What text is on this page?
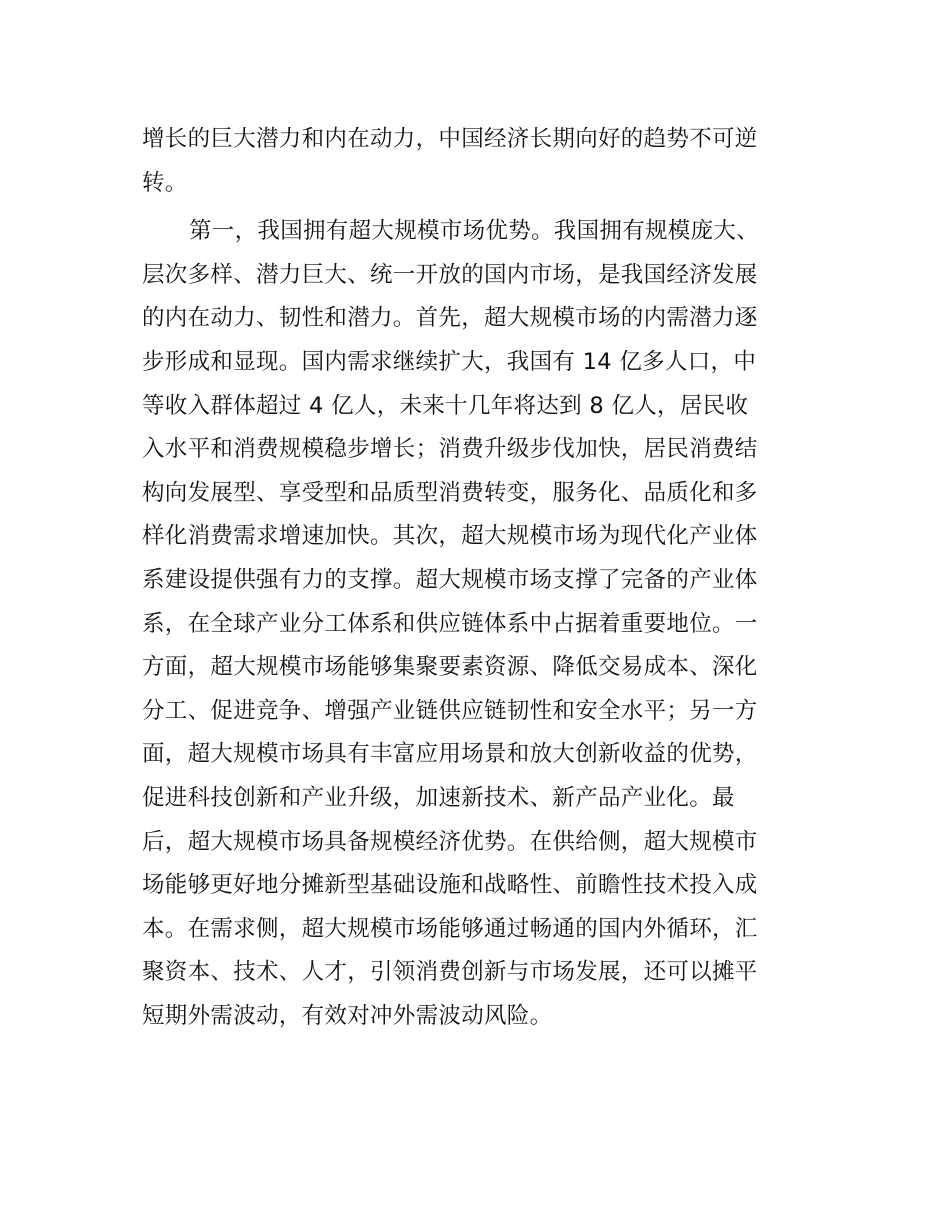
增长的巨大潜力和内在动力，中国经济长期向好的趋势不可逆
转。
第一，我国拥有超大规模市场优势。我国拥有规模庞大、
层次多样、潜力巨大、统一开放的国内市场，是我国经济发展
的内在动力、韧性和潜力。首先，超大规模市场的内需潜力逐
步形成和显现。国内需求继续扩大，我国有 14 亿多人口，中
等收入群体超过 4 亿人，未来十几年将达到 8 亿人，居民收
入水平和消费规模稳步增长；消费升级步伐加快，居民消费结
构向发展型、享受型和品质型消费转变，服务化、品质化和多
样化消费需求增速加快。其次，超大规模市场为现代化产业体
系建设提供强有力的支撑。超大规模市场支撑了完备的产业体
系，在全球产业分工体系和供应链体系中占据着重要地位。一
方面，超大规模市场能够集聚要素资源、降低交易成本、深化
分工、促进竞争、增强产业链供应链韧性和安全水平；另一方
面，超大规模市场具有丰富应用场景和放大创新收益的优势，
促进科技创新和产业升级，加速新技术、新产品产业化。最
后，超大规模市场具备规模经济优势。在供给侧，超大规模市
场能够更好地分摊新型基础设施和战略性、前瞻性技术投入成
本。在需求侧，超大规模市场能够通过畅通的国内外循环，汇
聚资本、技术、人才，引领消费创新与市场发展，还可以摊平
短期外需波动，有效对冲外需波动风险。
